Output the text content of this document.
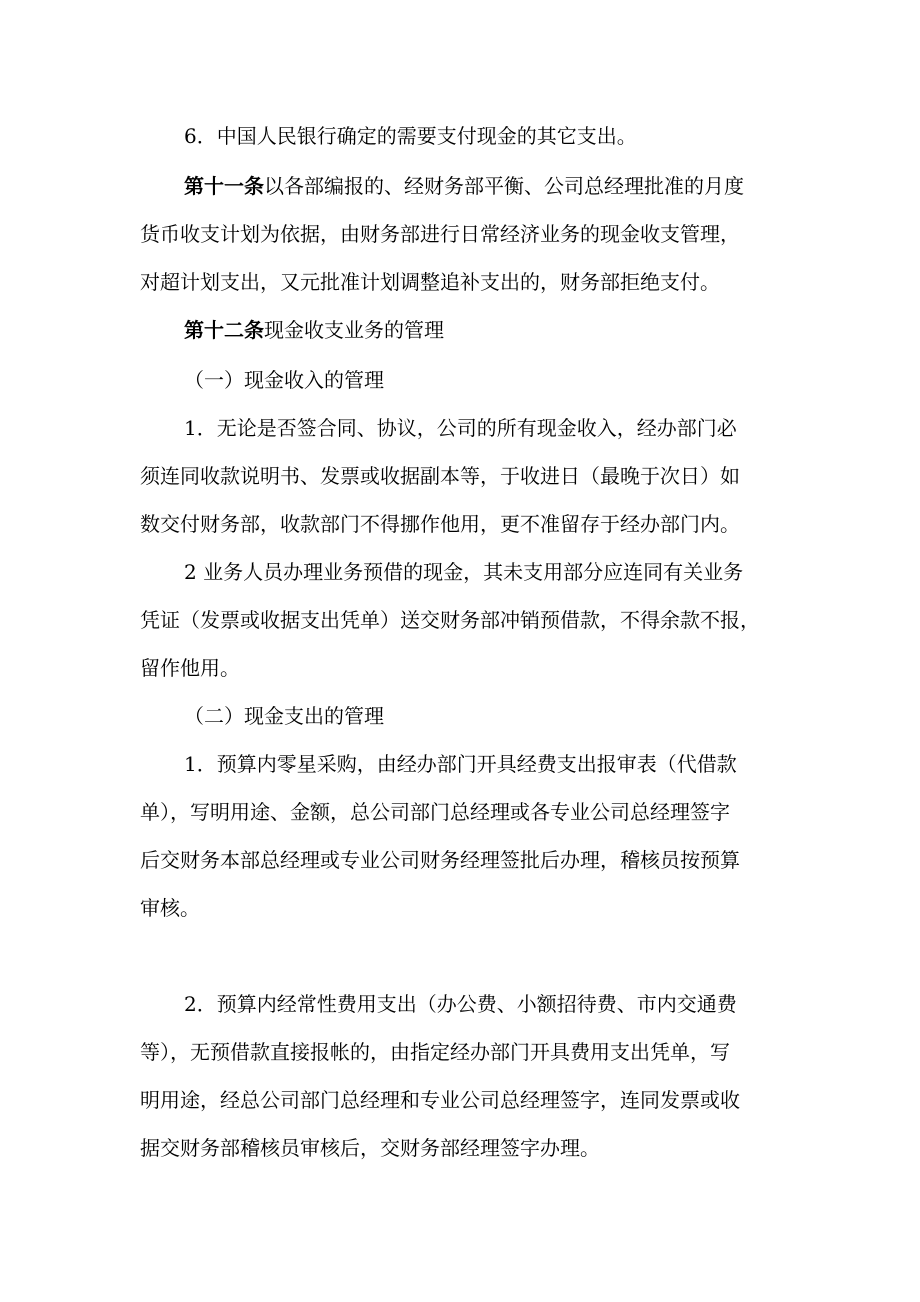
6．中国人民银行确定的需要支付现金的其它支出。
第十一条以各部编报的、经财务部平衡、公司总经理批准的月度
货币收支计划为依据，由财务部进行日常经济业务的现金收支管理，
对超计划支出，又元批准计划调整追补支出的，财务部拒绝支付。
第十二条现金收支业务的管理
（一）现金收入的管理
1．无论是否签合同、协议，公司的所有现金收入，经办部门必
须连同收款说明书、发票或收据副本等，于收进日（最晚于次日）如
数交付财务部，收款部门不得挪作他用，更不准留存于经办部门内。
2 业务人员办理业务预借的现金，其未支用部分应连同有关业务
凭证（发票或收据支出凭单）送交财务部冲销预借款，不得余款不报，
留作他用。
（二）现金支出的管理
1．预算内零星采购，由经办部门开具经费支出报审表（代借款
单），写明用途、金额，总公司部门总经理或各专业公司总经理签字
后交财务本部总经理或专业公司财务经理签批后办理，稽核员按预算
审核。
2．预算内经常性费用支出（办公费、小额招待费、市内交通费
等），无预借款直接报帐的，由指定经办部门开具费用支出凭单，写
明用途，经总公司部门总经理和专业公司总经理签字，连同发票或收
据交财务部稽核员审核后，交财务部经理签字办理。
